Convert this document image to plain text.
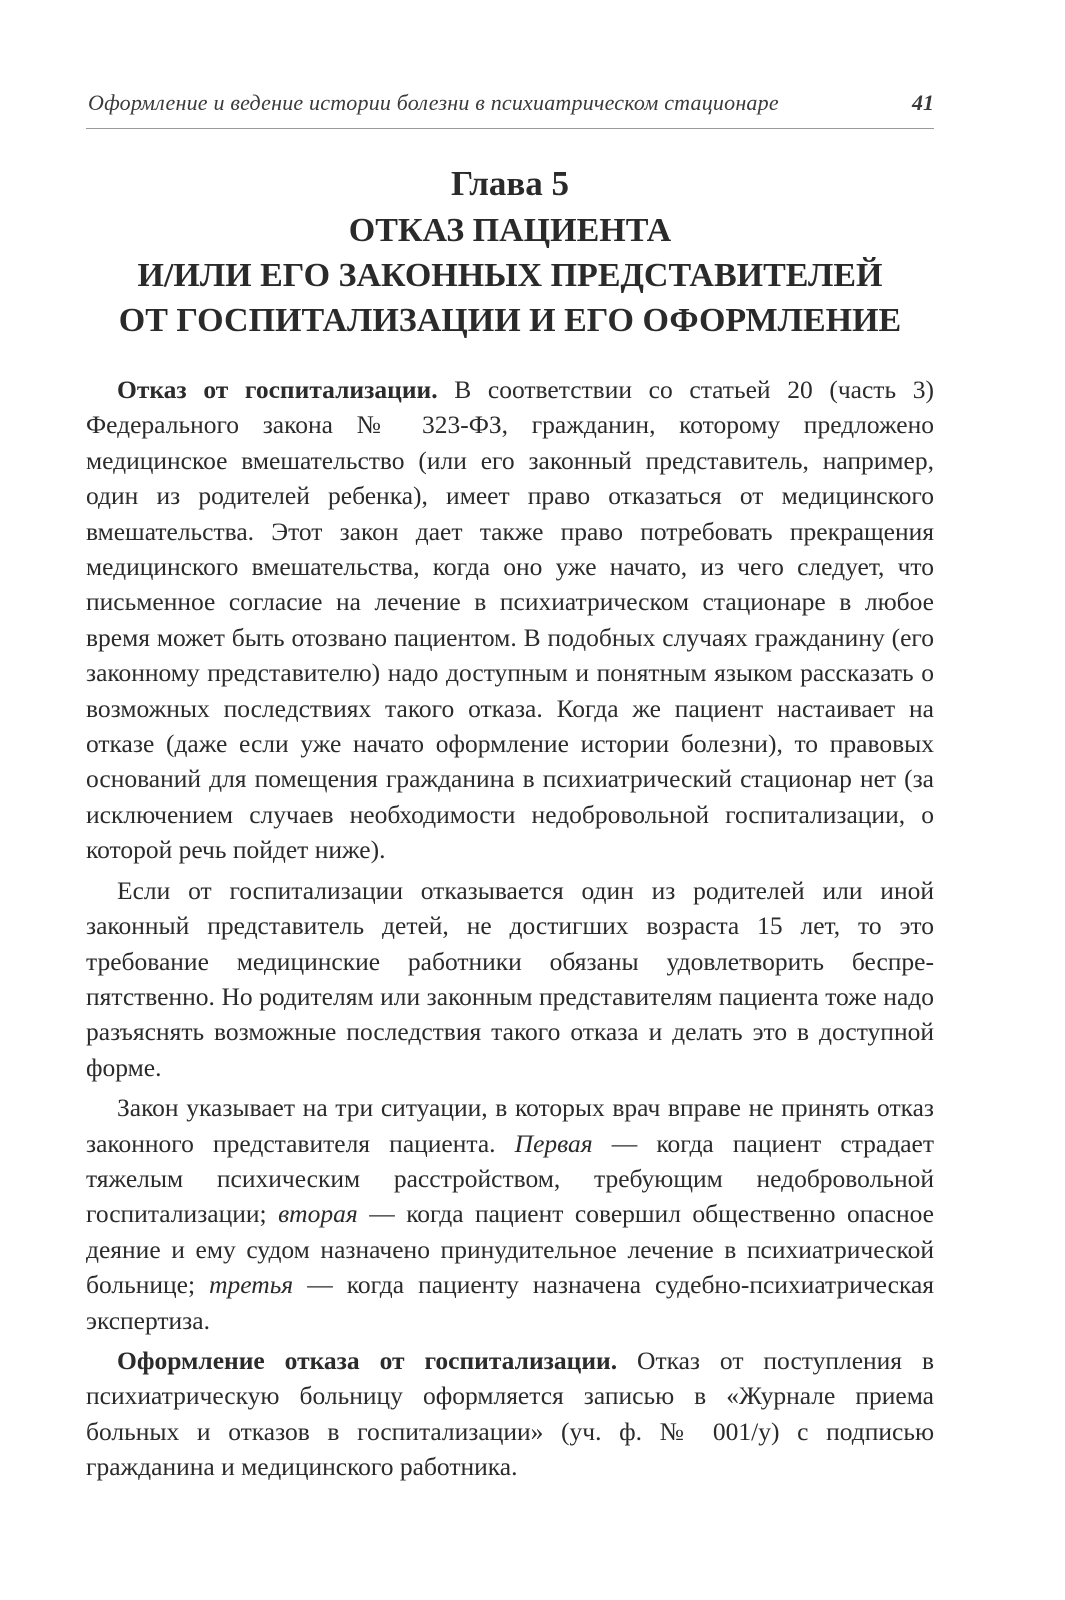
Оформление и ведение истории болезни в психиатрическом стационаре	41
Глава 5
ОТКАЗ ПАЦИЕНТА
И/ИЛИ ЕГО ЗАКОННЫХ ПРЕДСТАВИТЕЛЕЙ
ОТ ГОСПИТАЛИЗАЦИИ И ЕГО ОФОРМЛЕНИЕ

Отказ от госпитализации. В соответствии со статьей 20 (часть 3) Федерального закона № 323-ФЗ, гражданин, которому предложено медицинское вмешательство (или его законный представитель, например, один из родителей ребенка), имеет право отказаться от медицинского вмешательства. Этот закон дает также право потребовать прекращения медицинского вмешательства, когда оно уже начато, из чего следует, что письменное согласие на лечение в психиатрическом стационаре в любое время может быть отозвано пациентом. В подобных случаях гражданину (его законному представителю) надо доступным и понятным языком рассказать о возможных последствиях такого отказа. Когда же пациент настаивает на отказе (даже если уже начато оформление истории болезни), то правовых оснований для помещения гражданина в психиатрический стационар нет (за исключением случаев необходимости недобровольной госпитализации, о которой речь пойдет ниже).

Если от госпитализации отказывается один из родителей или иной законный представитель детей, не достигших возраста 15 лет, то это требование медицинские работники обязаны удовлетворить беспрепятственно. Но родителям или законным представителям пациента тоже надо разъяснять возможные последствия такого отказа и делать это в доступной форме.

Закон указывает на три ситуации, в которых врач вправе не принять отказ законного представителя пациента. Первая — когда пациент страдает тяжелым психическим расстройством, требующим недобровольной госпитализации; вторая — когда пациент совершил общественно опасное деяние и ему судом назначено принудительное лечение в психиатрической больнице; третья — когда пациенту назначена судебно-психиатрическая экспертиза.

Оформление отказа от госпитализации. Отказ от поступления в психиатрическую больницу оформляется записью в «Журнале приема больных и отказов в госпитализации» (уч. ф. № 001/у) с подписью гражданина и медицинского работника.
